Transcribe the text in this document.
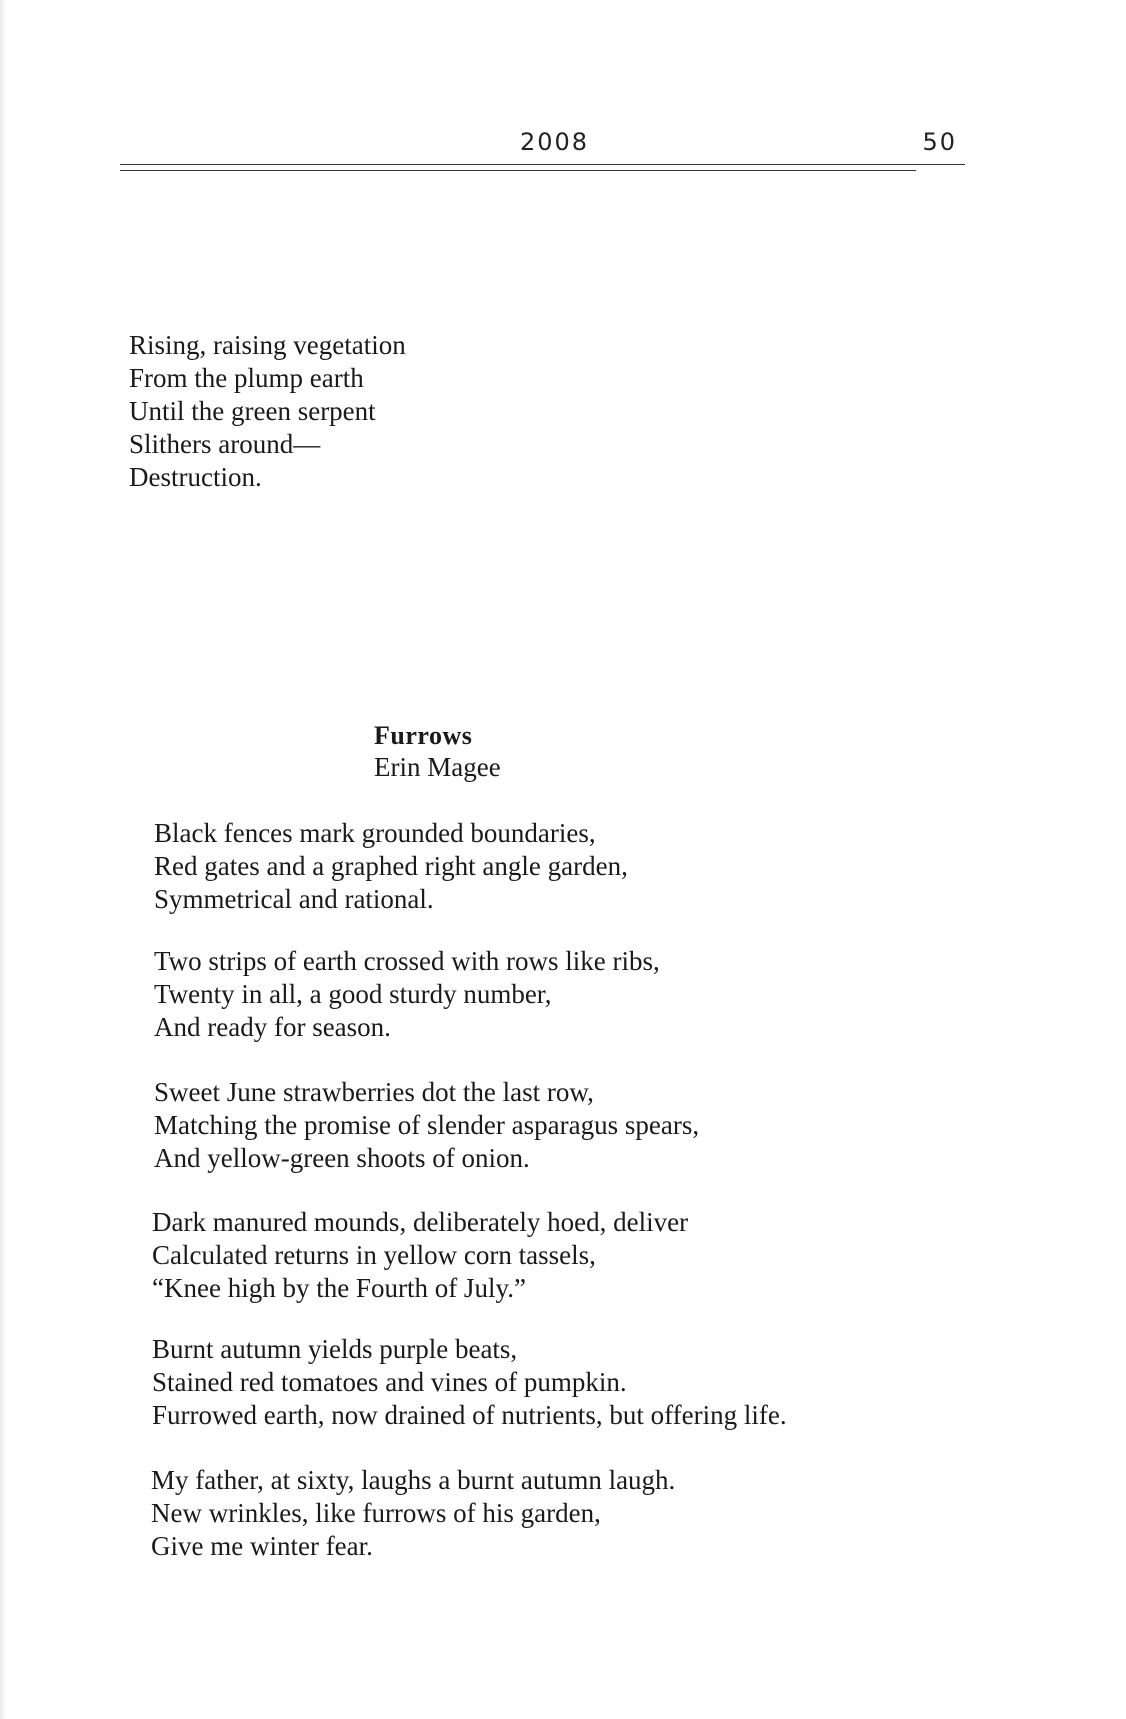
2008	50
Rising, raising vegetation
From the plump earth
Until the green serpent
Slithers around—
Destruction.
Furrows
Erin Magee
Black fences mark grounded boundaries,
Red gates and a graphed right angle garden,
Symmetrical and rational.
Two strips of earth crossed with rows like ribs,
Twenty in all, a good sturdy number,
And ready for season.
Sweet June strawberries dot the last row,
Matching the promise of slender asparagus spears,
And yellow-green shoots of onion.
Dark manured mounds, deliberately hoed, deliver
Calculated returns in yellow corn tassels,
“Knee high by the Fourth of July.”
Burnt autumn yields purple beats,
Stained red tomatoes and vines of pumpkin.
Furrowed earth, now drained of nutrients, but offering life.
My father, at sixty, laughs a burnt autumn laugh.
New wrinkles, like furrows of his garden,
Give me winter fear.
